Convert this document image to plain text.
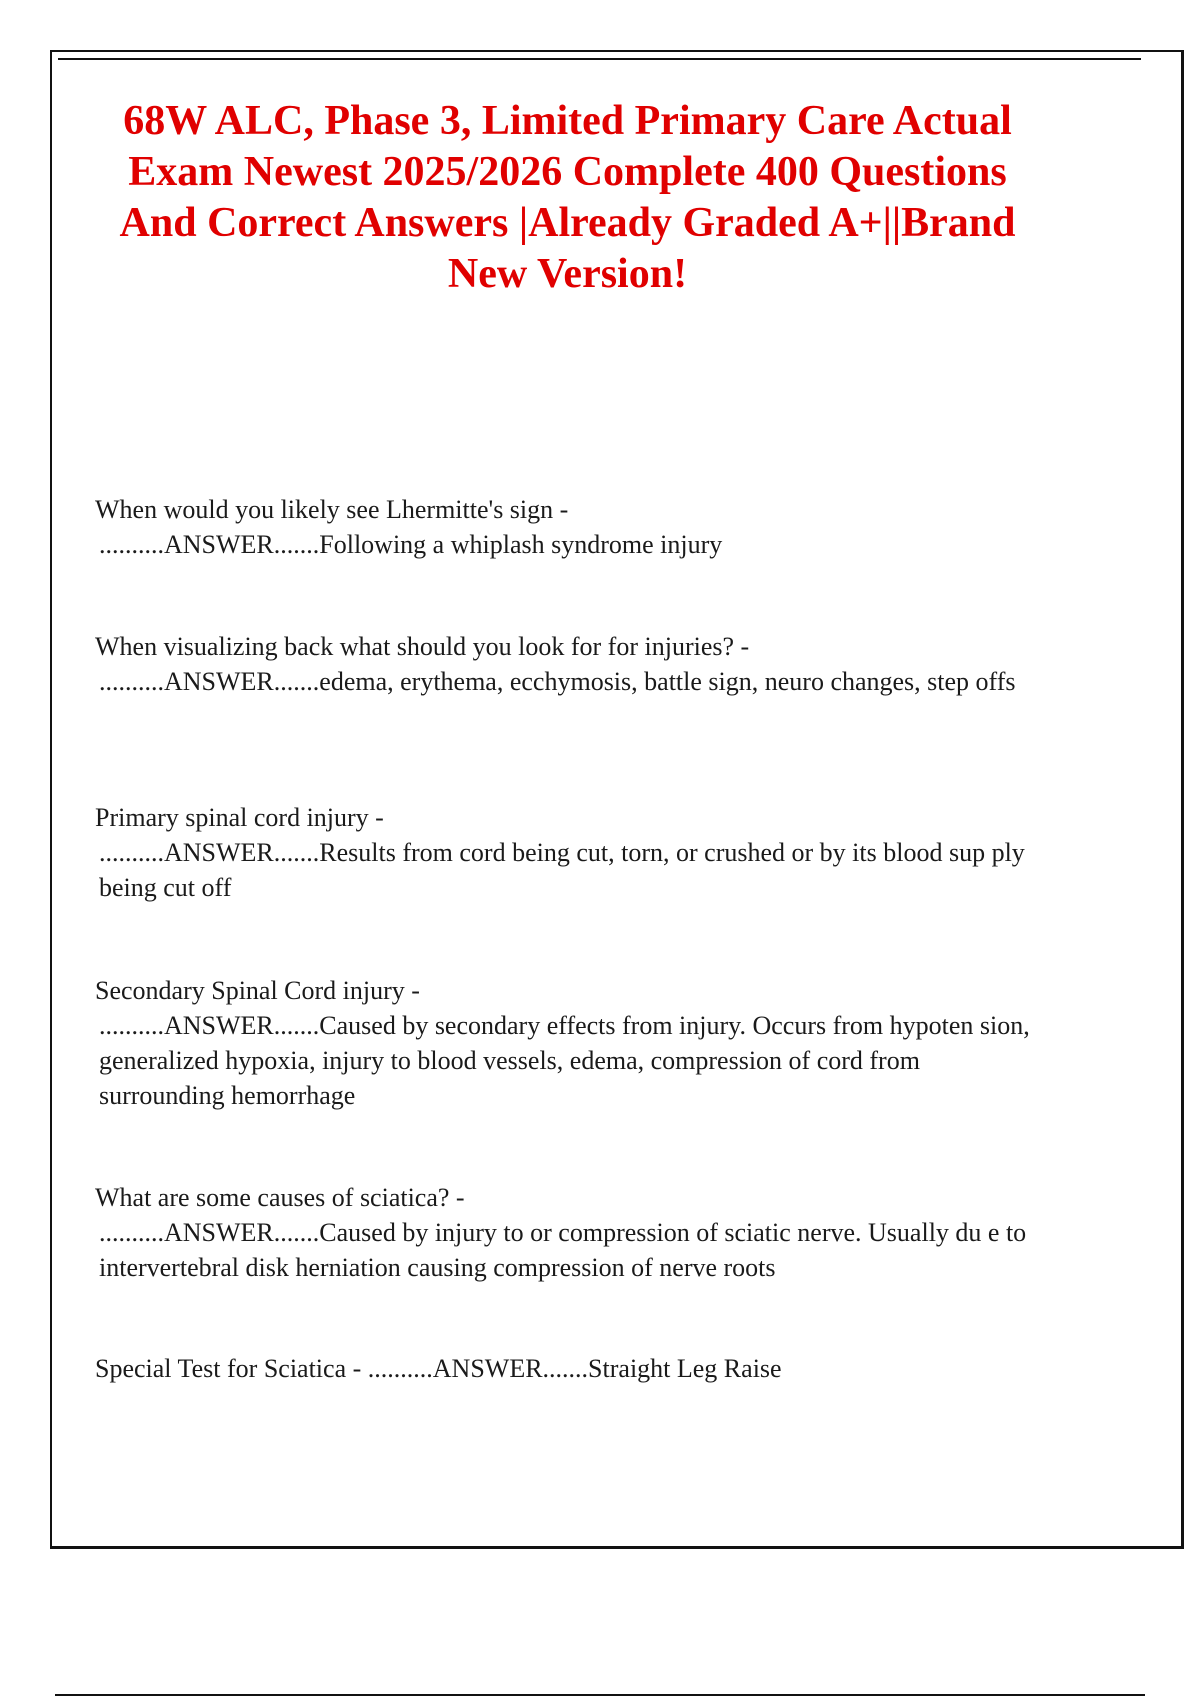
68W ALC, Phase 3, Limited Primary Care Actual Exam Newest 2025/2026 Complete 400 Questions And Correct Answers |Already Graded A+||Brand New Version!
When would you likely see Lhermitte's sign -
..........ANSWER.......Following a whiplash syndrome injury
When visualizing back what should you look for for injuries? -
..........ANSWER.......edema, erythema, ecchymosis, battle sign, neuro changes, step offs
Primary spinal cord injury -
..........ANSWER.......Results from cord being cut, torn, or crushed or by its blood sup ply being cut off
Secondary Spinal Cord injury -
..........ANSWER.......Caused by secondary effects from injury. Occurs from hypoten sion, generalized hypoxia, injury to blood vessels, edema, compression of cord from surrounding hemorrhage
What are some causes of sciatica? -
..........ANSWER.......Caused by injury to or compression of sciatic nerve. Usually du e to intervertebral disk herniation causing compression of nerve roots
Special Test for Sciatica - ..........ANSWER.......Straight Leg Raise
